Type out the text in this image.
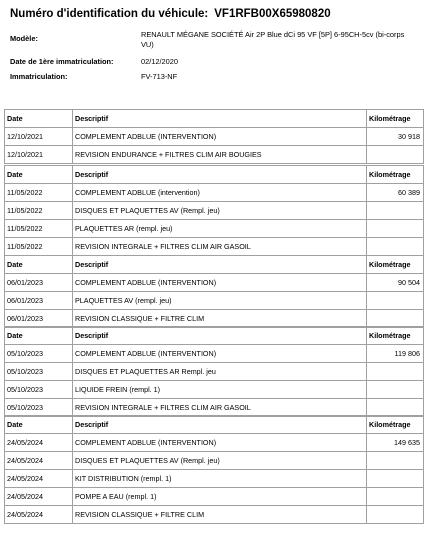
Numéro d'identification du véhicule: VF1RFB00X65980820
Modèle:	RENAULT MÉGANE SOCIÉTÉ Air 2P Blue dCi 95 VF [5P] 6-95CH-5cv (bi-corps VU)
Date de 1ère immatriculation:	02/12/2020
Immatriculation:	FV-713-NF
Date	Descriptif	Kilométrage
12/10/2021	COMPLEMENT ADBLUE (INTERVENTION)	30 918
12/10/2021	REVISION ENDURANCE + FILTRES CLIM AIR BOUGIES	
Date	Descriptif	Kilométrage
11/05/2022	COMPLEMENT ADBLUE (intervention)	60 389
11/05/2022	DISQUES ET PLAQUETTES AV (Rempl. jeu)	
11/05/2022	PLAQUETTES AR (rempl. jeu)	
11/05/2022	REVISION INTEGRALE + FILTRES CLIM AIR GASOIL	
Date	Descriptif	Kilométrage
06/01/2023	COMPLEMENT ADBLUE (INTERVENTION)	90 504
06/01/2023	PLAQUETTES AV (rempl. jeu)	
06/01/2023	REVISION CLASSIQUE + FILTRE CLIM	
Date	Descriptif	Kilométrage
05/10/2023	COMPLEMENT ADBLUE (INTERVENTION)	119 806
05/10/2023	DISQUES ET PLAQUETTES AR Rempl. jeu	
05/10/2023	LIQUIDE FREIN (rempl. 1)	
05/10/2023	REVISION INTEGRALE + FILTRES CLIM AIR GASOIL	
Date	Descriptif	Kilométrage
24/05/2024	COMPLEMENT ADBLUE (INTERVENTION)	149 635
24/05/2024	DISQUES ET PLAQUETTES AV (Rempl. jeu)	
24/05/2024	KIT DISTRIBUTION (rempl. 1)	
24/05/2024	POMPE A EAU (rempl. 1)	
24/05/2024	REVISION CLASSIQUE + FILTRE CLIM	
